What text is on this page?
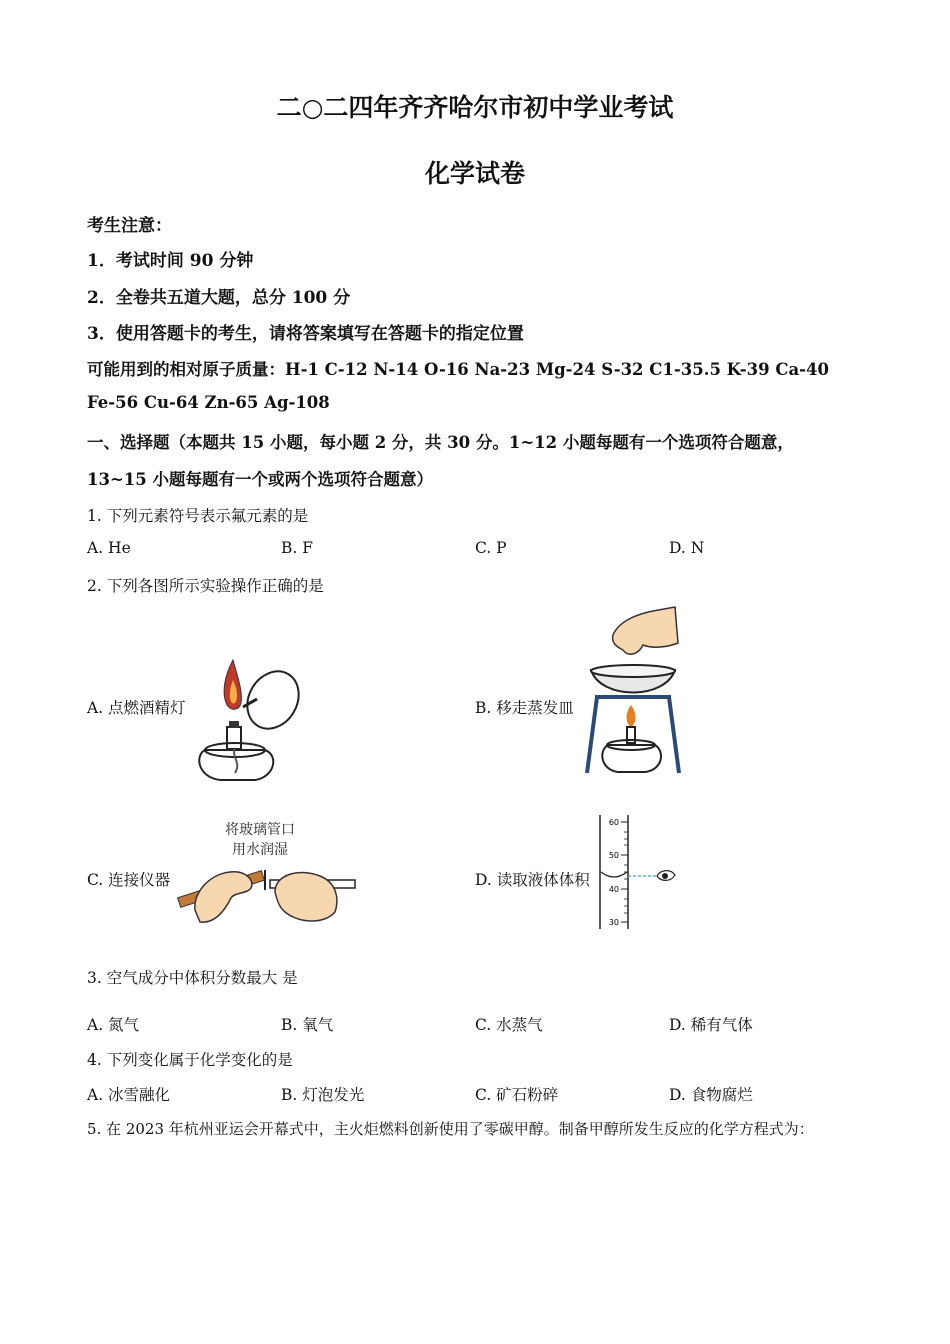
二○二四年齐齐哈尔市初中学业考试
化学试卷
考生注意：
1．考试时间 90 分钟
2．全卷共五道大题，总分 100 分
3．使用答题卡的考生，请将答案填写在答题卡的指定位置
可能用到的相对原子质量：H-1 C-12 N-14 O-16 Na-23 Mg-24 S-32 C1-35.5 K-39 Ca-40
Fe-56 Cu-64 Zn-65 Ag-108
一、选择题（本题共 15 小题，每小题 2 分，共 30 分。1~12 小题每题有一个选项符合题意，
13~15 小题每题有一个或两个选项符合题意）
1. 下列元素符号表示氟元素的是
A. He	B. F	C. P	D. N
2. 下列各图所示实验操作正确的是
A. 点燃酒精灯	B. 移走蒸发皿
将玻璃管口
用水润湿
C. 连接仪器	D. 读取液体体积
60
50
40
30
3. 空气成分中体积分数最大 是
A. 氮气	B. 氧气	C. 水蒸气	D. 稀有气体
4. 下列变化属于化学变化的是
A. 冰雪融化	B. 灯泡发光	C. 矿石粉碎	D. 食物腐烂
5. 在 2023 年杭州亚运会开幕式中，主火炬燃料创新使用了零碳甲醇。制备甲醇所发生反应的化学方程式为：
